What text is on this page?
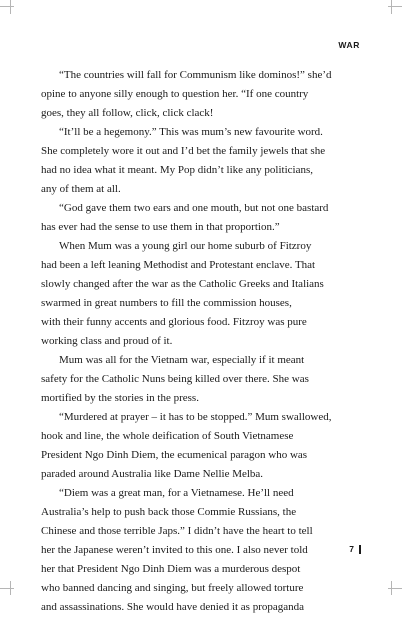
WAR
“The countries will fall for Communism like dominos!” she’d
opine to anyone silly enough to question her. “If one country
goes, they all follow, click, click clack!
“It’ll be a hegemony.” This was mum’s new favourite word.
She completely wore it out and I’d bet the family jewels that she
had no idea what it meant. My Pop didn’t like any politicians,
any of them at all.
“God gave them two ears and one mouth, but not one bastard
has ever had the sense to use them in that proportion.”
When Mum was a young girl our home suburb of Fitzroy
had been a left leaning Methodist and Protestant enclave. That
slowly changed after the war as the Catholic Greeks and Italians
swarmed in great numbers to fill the commission houses,
with their funny accents and glorious food. Fitzroy was pure
working class and proud of it.
Mum was all for the Vietnam war, especially if it meant
safety for the Catholic Nuns being killed over there. She was
mortified by the stories in the press.
“Murdered at prayer – it has to be stopped.” Mum swallowed,
hook and line, the whole deification of South Vietnamese
President Ngo Dinh Diem, the ecumenical paragon who was
paraded around Australia like Dame Nellie Melba.
“Diem was a great man, for a Vietnamese. He’ll need
Australia’s help to push back those Commie Russians, the
Chinese and those terrible Japs.” I didn’t have the heart to tell
her the Japanese weren’t invited to this one. I also never told
her that President Ngo Dinh Diem was a murderous despot
who banned dancing and singing, but freely allowed torture
and assassinations. She would have denied it as propaganda
7
